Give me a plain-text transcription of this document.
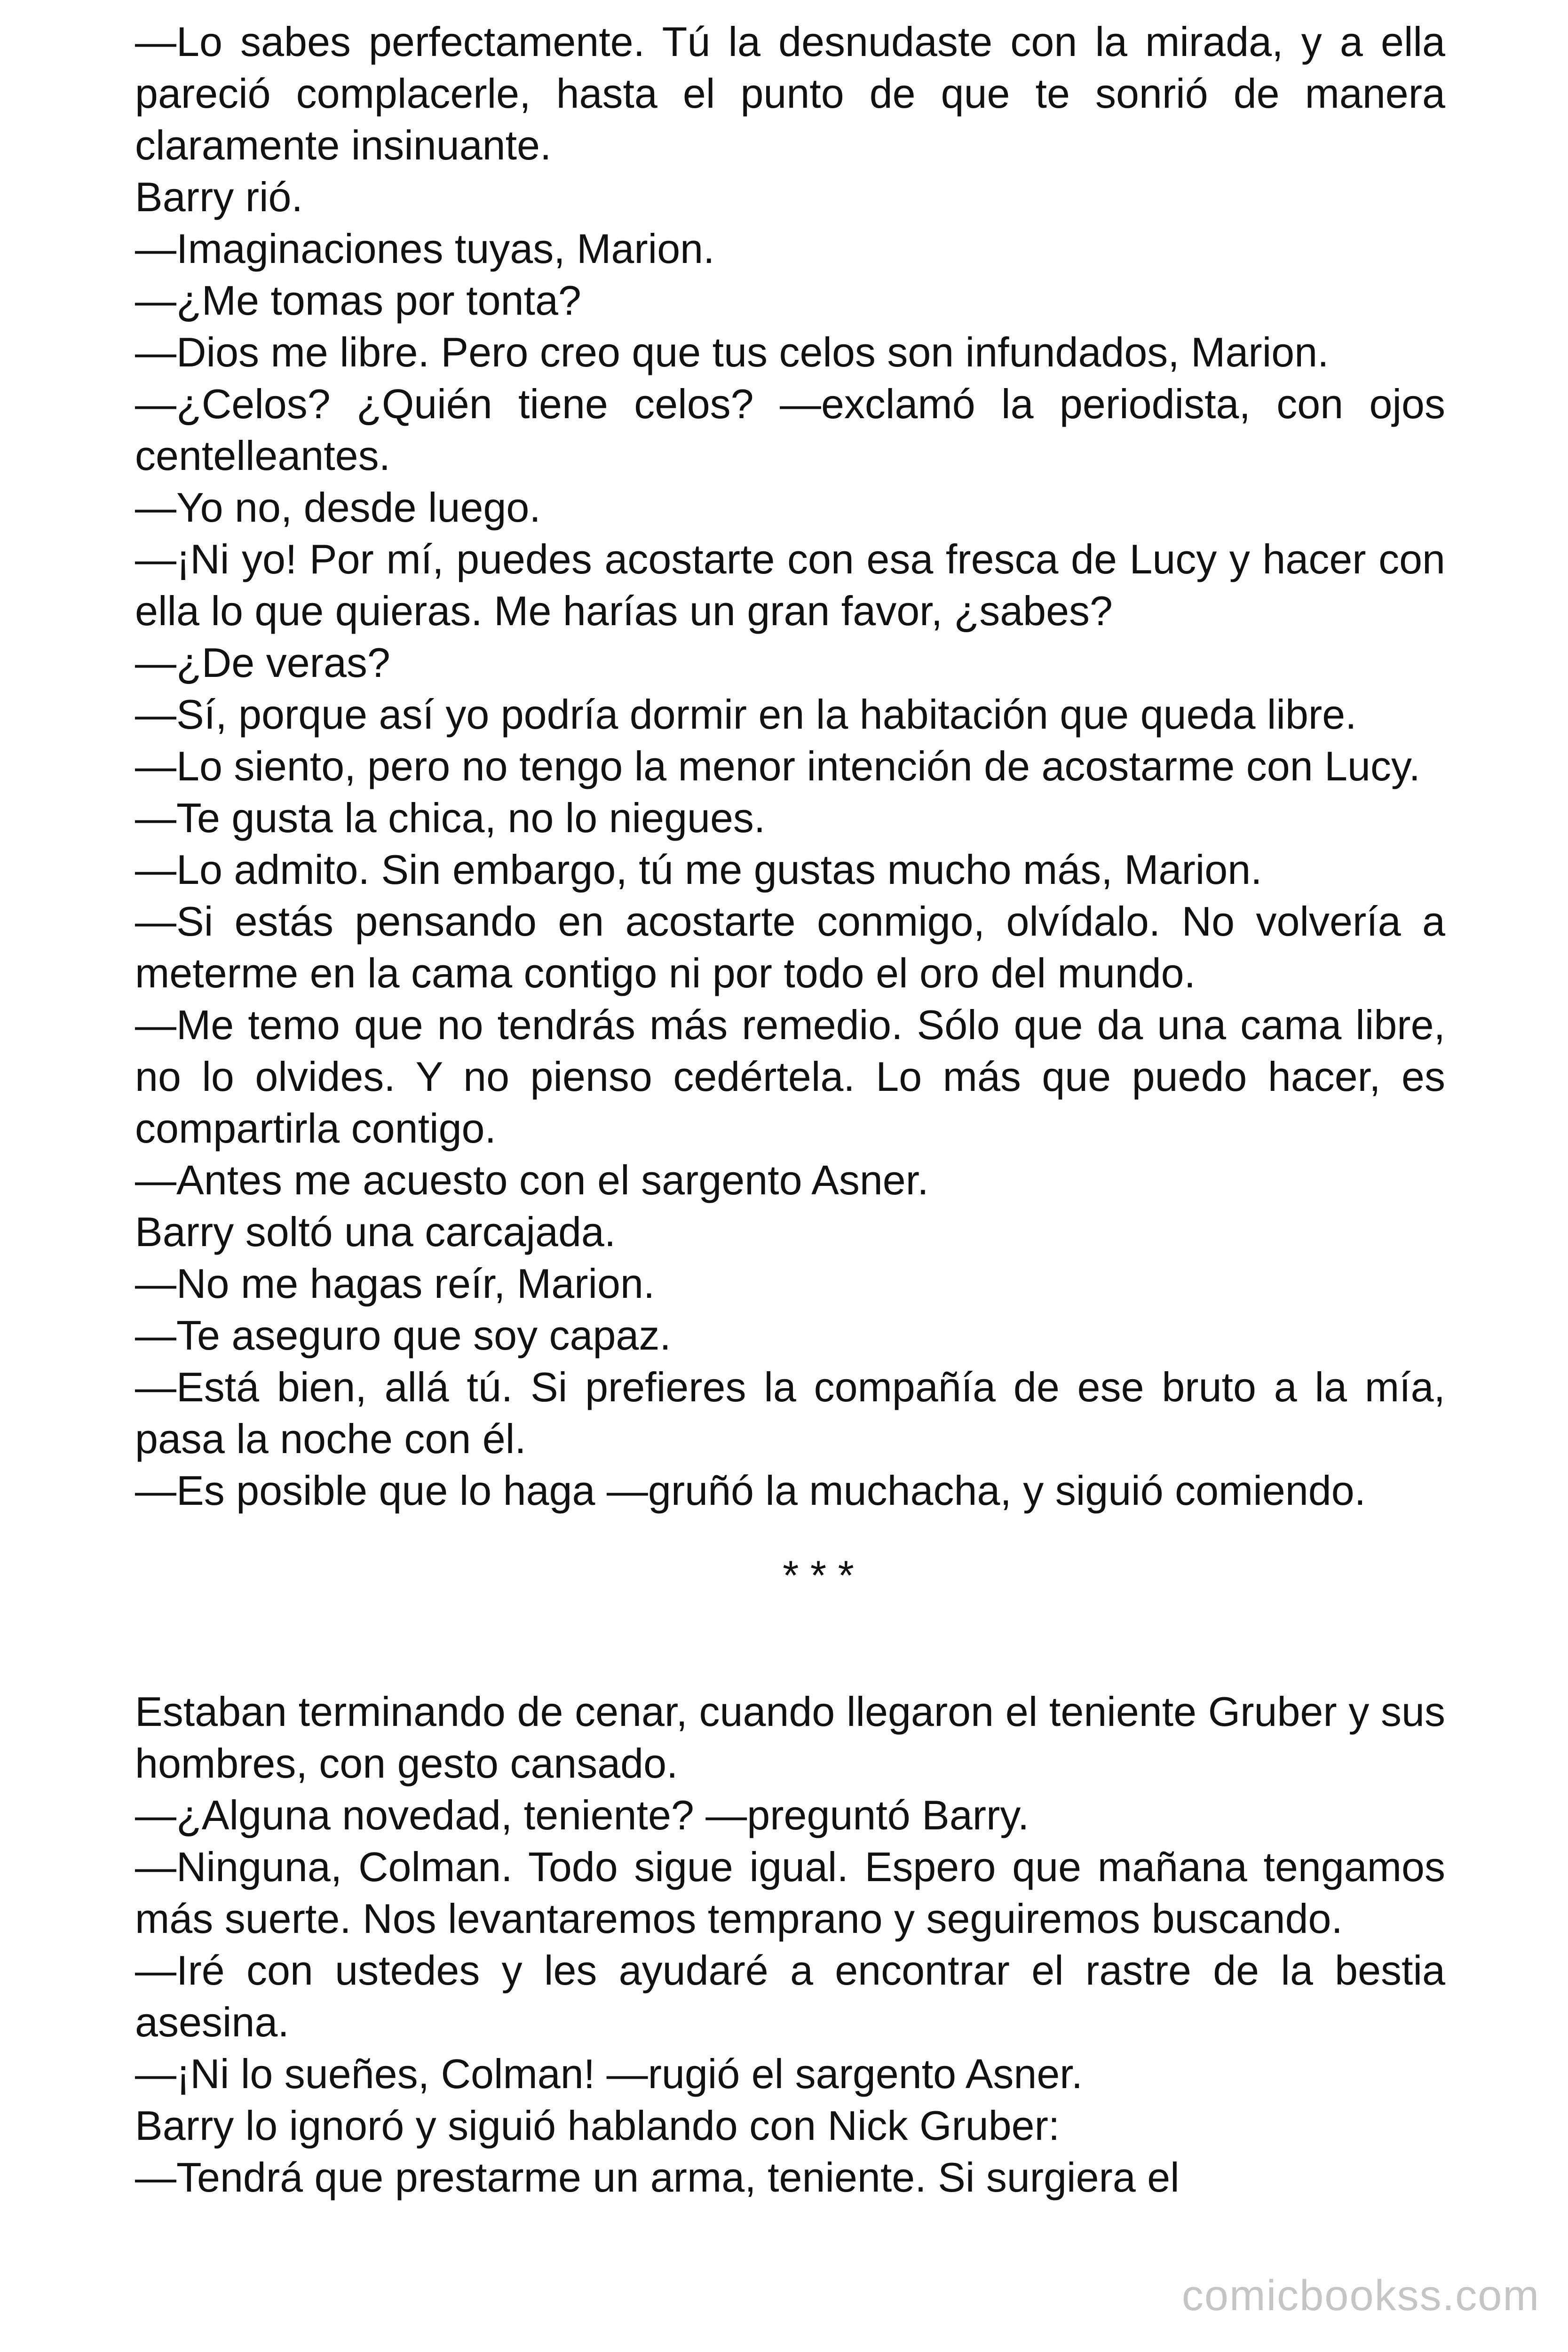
—Lo sabes perfectamente. Tú la desnudaste con la mirada, y a ella pareció complacerle, hasta el punto de que te sonrió de manera claramente insinuante.

Barry rió.

—Imaginaciones tuyas, Marion.

—¿Me tomas por tonta?

—Dios me libre. Pero creo que tus celos son infundados, Marion.

—¿Celos? ¿Quién tiene celos? —exclamó la periodista, con ojos centelleantes.

—Yo no, desde luego.

—¡Ni yo! Por mí, puedes acostarte con esa fresca de Lucy y hacer con ella lo que quieras. Me harías un gran favor, ¿sabes?

—¿De veras?

—Sí, porque así yo podría dormir en la habitación que queda libre.

—Lo siento, pero no tengo la menor intención de acostarme con Lucy.

—Te gusta la chica, no lo niegues.

—Lo admito. Sin embargo, tú me gustas mucho más, Marion.

—Si estás pensando en acostarte conmigo, olvídalo. No volvería a meterme en la cama contigo ni por todo el oro del mundo.

—Me temo que no tendrás más remedio. Sólo que da una cama libre, no lo olvides. Y no pienso cedértela. Lo más que puedo hacer, es compartirla contigo.

—Antes me acuesto con el sargento Asner.

Barry soltó una carcajada.

—No me hagas reír, Marion.

—Te aseguro que soy capaz.

—Está bien, allá tú. Si prefieres la compañía de ese bruto a la mía, pasa la noche con él.

—Es posible que lo haga —gruñó la muchacha, y siguió comiendo.

* * *

Estaban terminando de cenar, cuando llegaron el teniente Gruber y sus hombres, con gesto cansado.

—¿Alguna novedad, teniente? —preguntó Barry.

—Ninguna, Colman. Todo sigue igual. Espero que mañana tengamos más suerte. Nos levantaremos temprano y seguiremos buscando.

—Iré con ustedes y les ayudaré a encontrar el rastre de la bestia asesina.

—¡Ni lo sueñes, Colman! —rugió el sargento Asner.

Barry lo ignoró y siguió hablando con Nick Gruber:

—Tendrá que prestarme un arma, teniente. Si surgiera el

comicbookss.com
